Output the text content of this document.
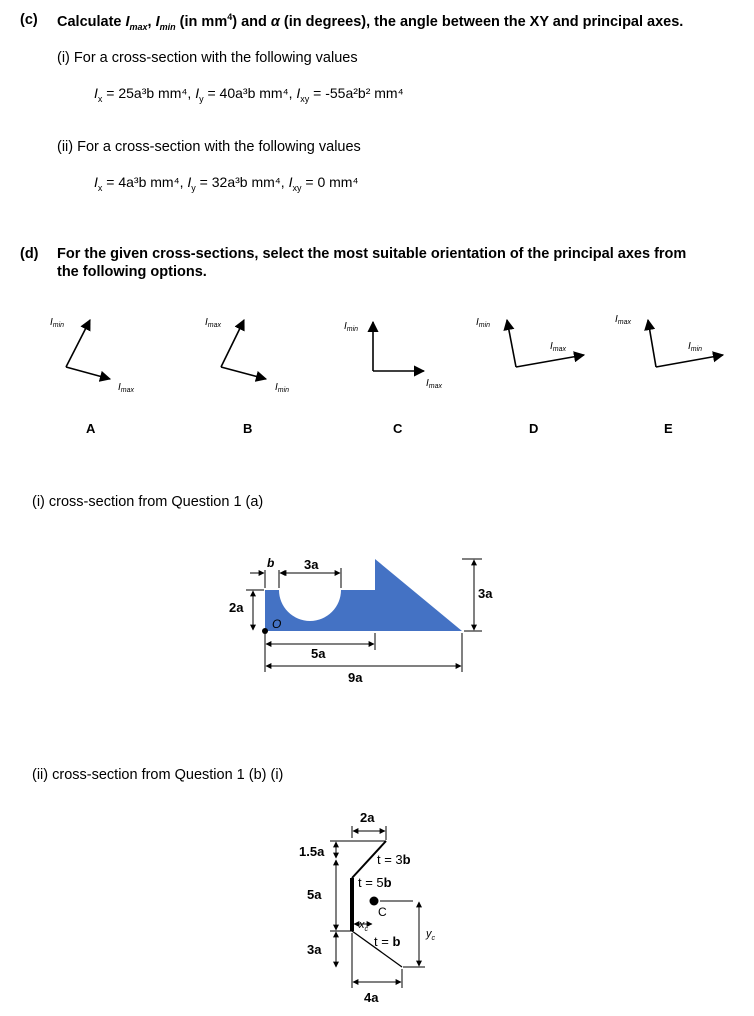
(c) Calculate $I_{max}$, $I_{min}$ (in $mm^4$) and α (in degrees), the angle between the XY and principal axes.
(i) For a cross-section with the following values
$I_x = 25a^3b$ mm⁴, $I_y = 40a^3b$ mm⁴, $I_{xy} = -55a^2b^2$ mm⁴
(ii) For a cross-section with the following values
$I_x = 4a^3b$ mm⁴, $I_y = 32a^3b$ mm⁴, $I_{xy} = 0$ mm⁴
(d) For the given cross-sections, select the most suitable orientation of the principal axes from
the following options.
$I_{min}$
$I_{max}$
A
$I_{max}$
$I_{min}$
B
$I_{min}$
$I_{max}$
C
$I_{min}$
$I_{max}$
D
$I_{max}$
$I_{min}$
E
(i) cross-section from Question 1 (a)
O
b 3a
2a
3a
5a
9a
(ii) cross-section from Question 1 (b) (i)
2a
1.5a
5a
3a
t = 3b
t = 5b
t = b
C
$x_c$	$y_c$
4a
